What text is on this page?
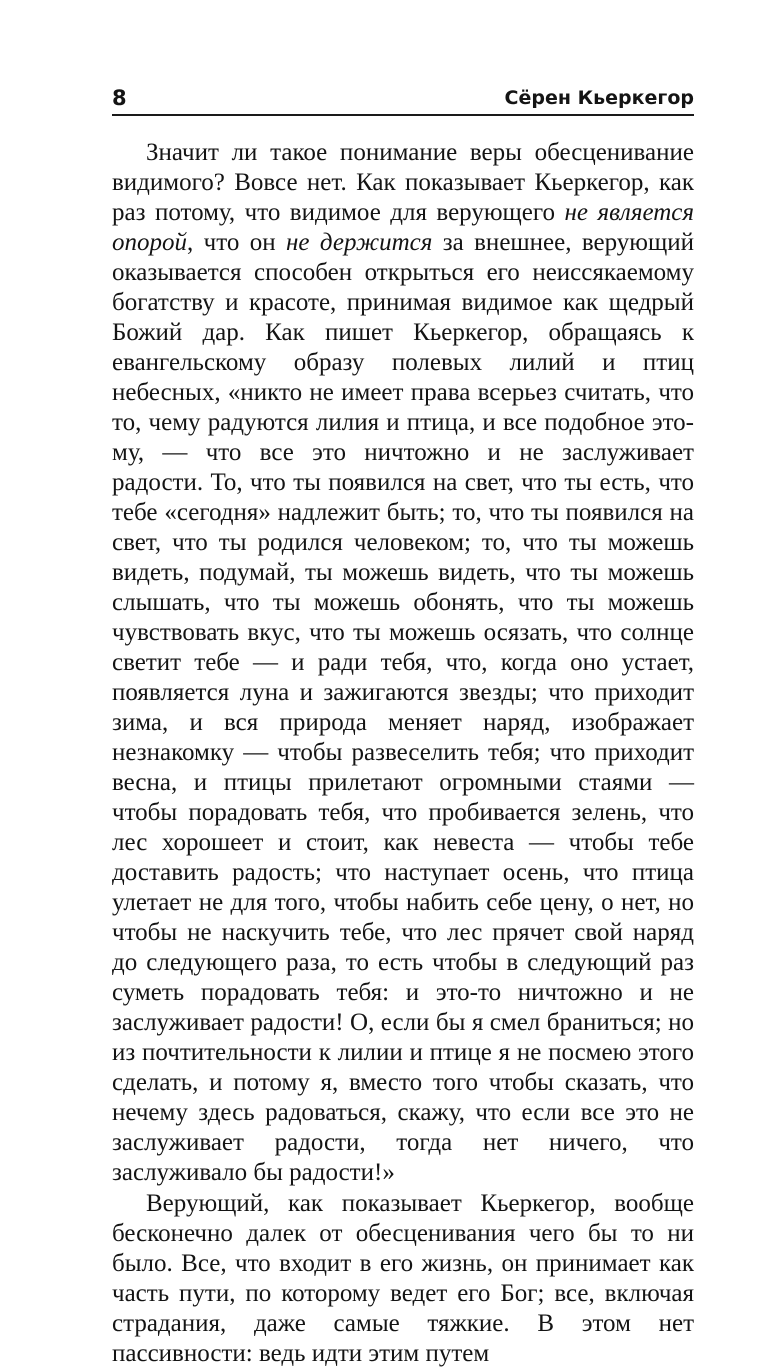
8	Сёрен Кьеркегор

Значит ли такое понимание веры обесценивание видимого? Вовсе нет. Как показывает Кьеркегор, как раз потому, что видимое для верующего не является опорой, что он не держится за внешнее, верующий оказывается способен открыться его неиссякаемому богатству и красоте, принимая видимое как щедрый Божий дар. Как пишет Кьеркегор, обращаясь к евангельскому образу полевых лилий и птиц небесных, «никто не имеет права всерьез считать, что то, чему радуются лилия и птица, и все подобное этому, — что все это ничтожно и не заслуживает радости. То, что ты появился на свет, что ты есть, что тебе «сегодня» надлежит быть; то, что ты появился на свет, что ты родился человеком; то, что ты можешь видеть, подумай, ты можешь видеть, что ты можешь слышать, что ты можешь обонять, что ты можешь чувствовать вкус, что ты можешь осязать, что солнце светит тебе — и ради тебя, что, когда оно устает, появляется луна и зажигаются звезды; что приходит зима, и вся природа меняет наряд, изображает незнакомку — чтобы развеселить тебя; что приходит весна, и птицы прилетают огромными стаями — чтобы порадовать тебя, что пробивается зелень, что лес хорошеет и стоит, как невеста — чтобы тебе доставить радость; что наступает осень, что птица улетает не для того, чтобы набить себе цену, о нет, но чтобы не наскучить тебе, что лес прячет свой наряд до следующего раза, то есть чтобы в следующий раз суметь порадовать тебя: и это-то ничтожно и не заслуживает радости! О, если бы я смел браниться; но из почтительности к лилии и птице я не посмею этого сделать, и потому я, вместо того чтобы сказать, что нечему здесь радоваться, скажу, что если все это не заслуживает радости, тогда нет ничего, что заслуживало бы радости!»

Верующий, как показывает Кьеркегор, вообще бесконечно далек от обесценивания чего бы то ни было. Все, что входит в его жизнь, он принимает как часть пути, по которому ведет его Бог; все, включая страдания, даже самые тяжкие. В этом нет пассивности: ведь идти этим путем
